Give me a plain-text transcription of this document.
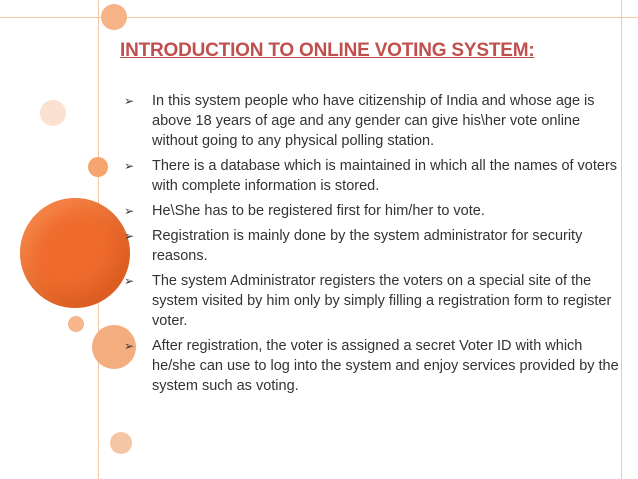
INTRODUCTION TO ONLINE VOTING SYSTEM:
➢ In this system people who have citizenship of India and whose age is above 18 years of age and any gender can give his\her vote online without going to any physical polling station.
➢ There is a database which is maintained in which all the names of voters with complete information is stored.
➢ He\She has to be registered first for him/her to vote.
➢ Registration is mainly done by the system administrator for security reasons.
➢ The system Administrator registers the voters on a special site of the system visited by him only by simply filling a registration form to register voter.
➢ After registration, the voter is assigned a secret Voter ID with which he/she can use to log into the system and enjoy services provided by the system such as voting.
